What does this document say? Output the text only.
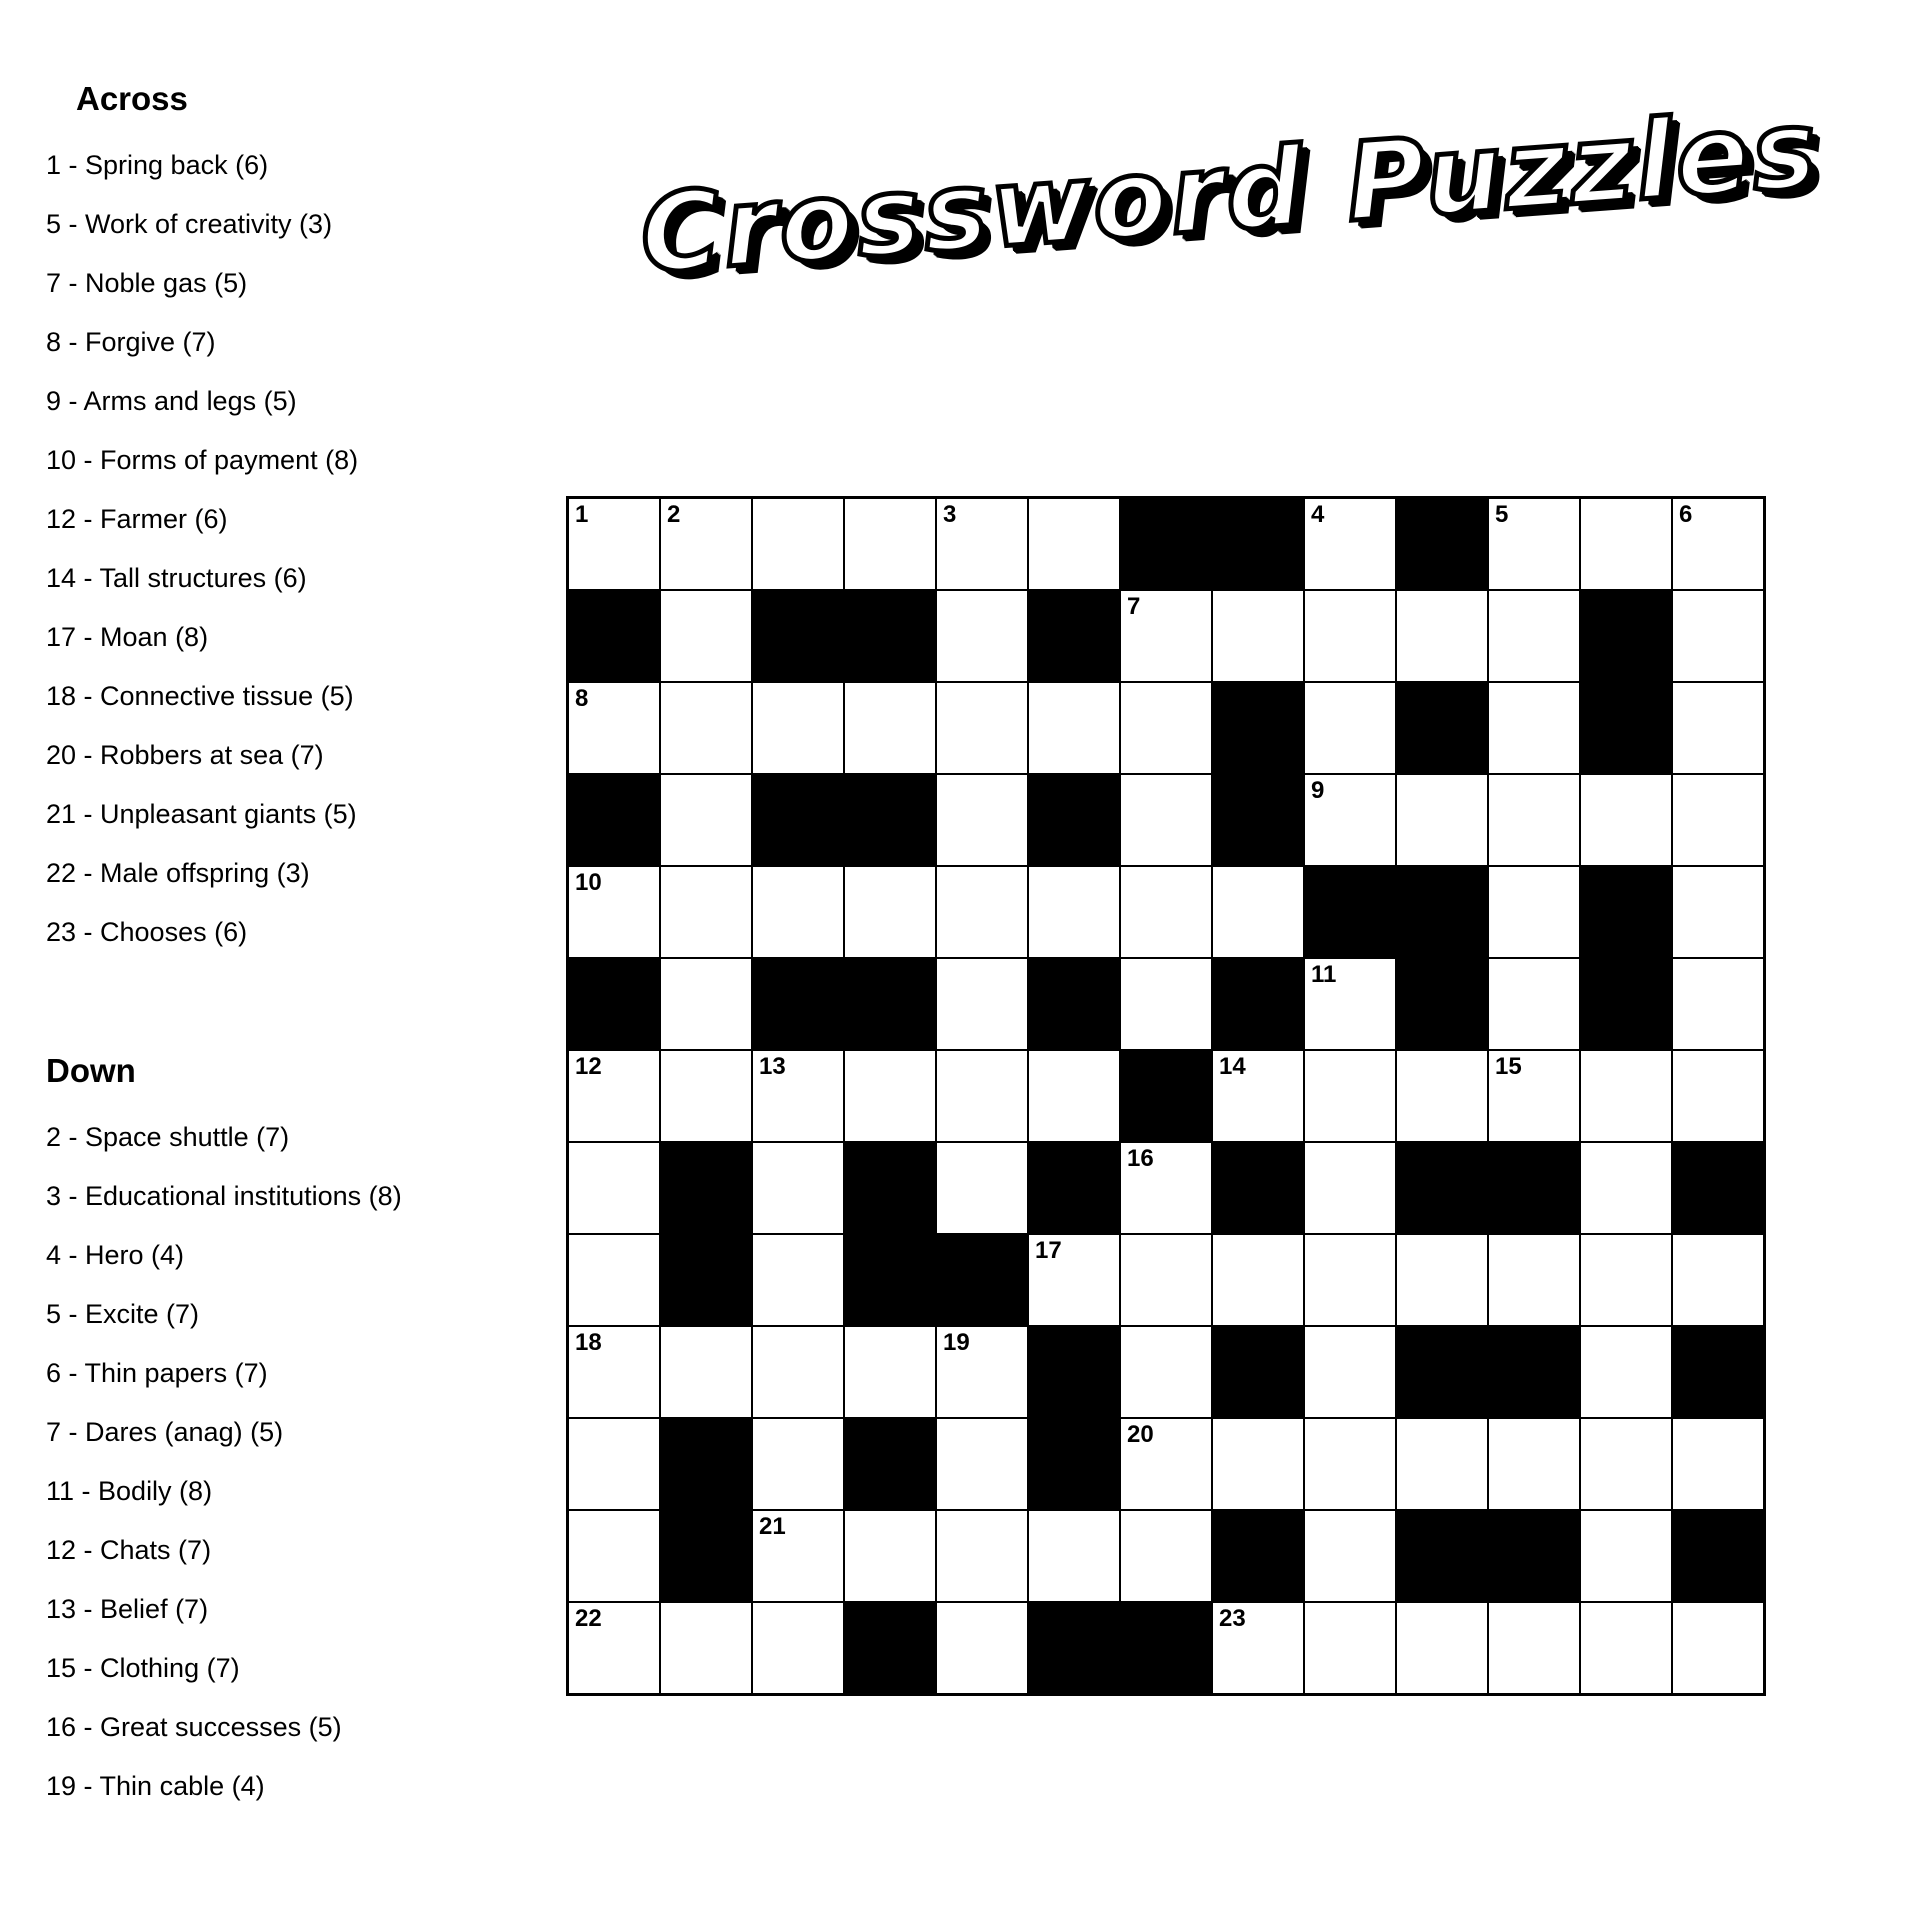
Across
1 - Spring back (6)
5 - Work of creativity (3)
7 - Noble gas (5)
8 - Forgive (7)
9 - Arms and legs (5)
10 - Forms of payment (8)
12 - Farmer (6)
14 - Tall structures (6)
17 - Moan (8)
18 - Connective tissue (5)
20 - Robbers at sea (7)
21 - Unpleasant giants (5)
22 - Male offspring (3)
23 - Chooses (6)
Down
2 - Space shuttle (7)
3 - Educational institutions (8)
4 - Hero (4)
5 - Excite (7)
6 - Thin papers (7)
7 - Dares (anag) (5)
11 - Bodily (8)
12 - Chats (7)
13 - Belief (7)
15 - Clothing (7)
16 - Great successes (5)
19 - Thin cable (4)
Crossword Puzzles
1	2			3				4		5		6

						7						

8												

								9				

10												

								11				

12		13					14			15		

						16						

					17							

18				19								

						20						

		21										

22							23					
